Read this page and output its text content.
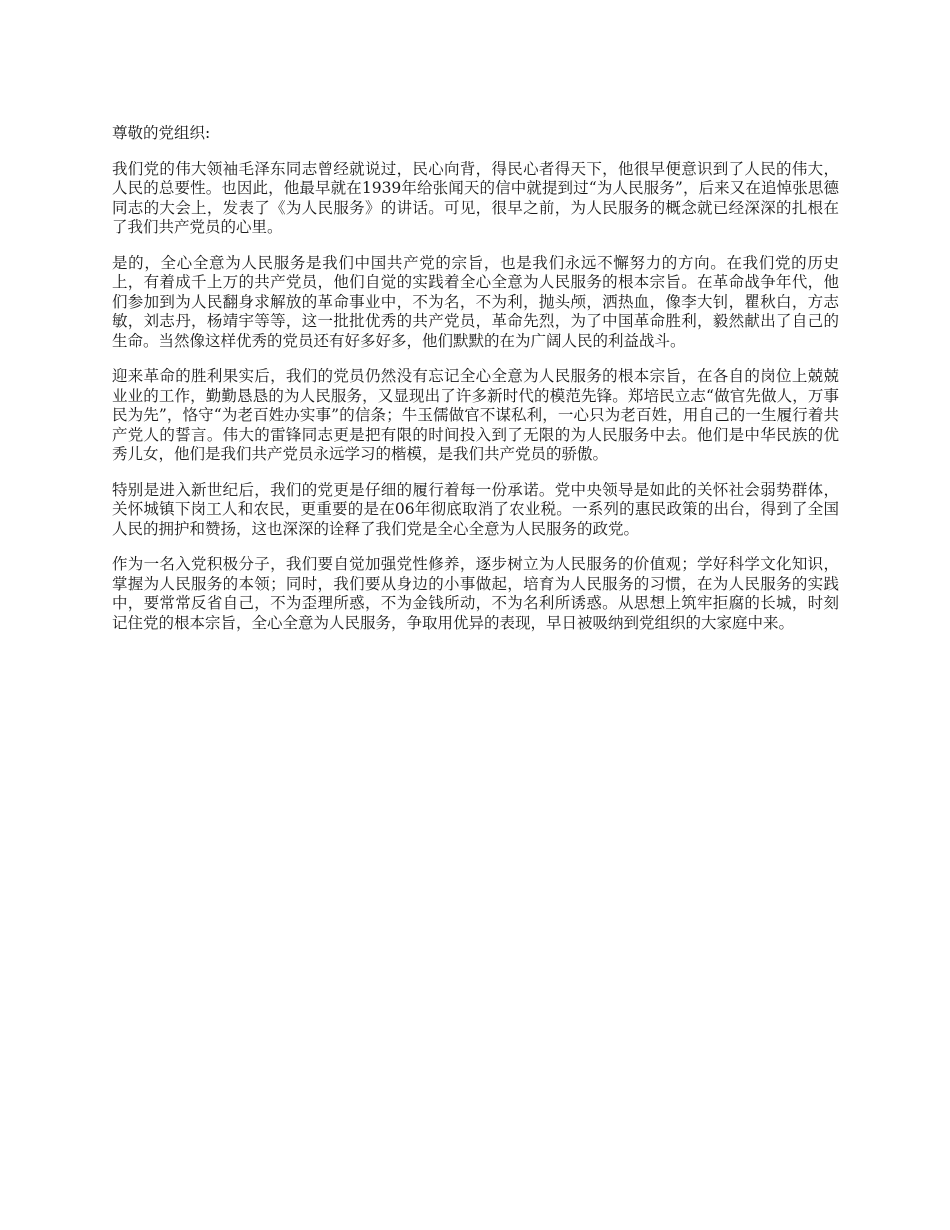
尊敬的党组织:

我们党的伟大领袖毛泽东同志曾经就说过，民心向背，得民心者得天下，他很早便意识到了人民的伟大，人民的总要性。也因此，他最早就在1939年给张闻天的信中就提到过“为人民服务”，后来又在追悼张思德同志的大会上，发表了《为人民服务》的讲话。可见，很早之前，为人民服务的概念就已经深深的扎根在了我们共产党员的心里。

是的，全心全意为人民服务是我们中国共产党的宗旨，也是我们永远不懈努力的方向。在我们党的历史上，有着成千上万的共产党员，他们自觉的实践着全心全意为人民服务的根本宗旨。在革命战争年代，他们参加到为人民翻身求解放的革命事业中，不为名，不为利，抛头颅，洒热血，像李大钊，瞿秋白，方志敏，刘志丹，杨靖宇等等，这一批批优秀的共产党员，革命先烈，为了中国革命胜利，毅然献出了自己的生命。当然像这样优秀的党员还有好多好多，他们默默的在为广阔人民的利益战斗。

迎来革命的胜利果实后，我们的党员仍然没有忘记全心全意为人民服务的根本宗旨，在各自的岗位上兢兢业业的工作，勤勤恳恳的为人民服务，又显现出了许多新时代的模范先锋。郑培民立志“做官先做人，万事民为先”，恪守“为老百姓办实事”的信条；牛玉儒做官不谋私利，一心只为老百姓，用自己的一生履行着共产党人的誓言。伟大的雷锋同志更是把有限的时间投入到了无限的为人民服务中去。他们是中华民族的优秀儿女，他们是我们共产党员永远学习的楷模，是我们共产党员的骄傲。

特别是进入新世纪后，我们的党更是仔细的履行着每一份承诺。党中央领导是如此的关怀社会弱势群体，关怀城镇下岗工人和农民，更重要的是在06年彻底取消了农业税。一系列的惠民政策的出台，得到了全国人民的拥护和赞扬，这也深深的诠释了我们党是全心全意为人民服务的政党。

作为一名入党积极分子，我们要自觉加强党性修养，逐步树立为人民服务的价值观；学好科学文化知识，掌握为人民服务的本领；同时，我们要从身边的小事做起，培育为人民服务的习惯，在为人民服务的实践中，要常常反省自己，不为歪理所惑，不为金钱所动，不为名利所诱惑。从思想上筑牢拒腐的长城，时刻记住党的根本宗旨，全心全意为人民服务，争取用优异的表现，早日被吸纳到党组织的大家庭中来。
